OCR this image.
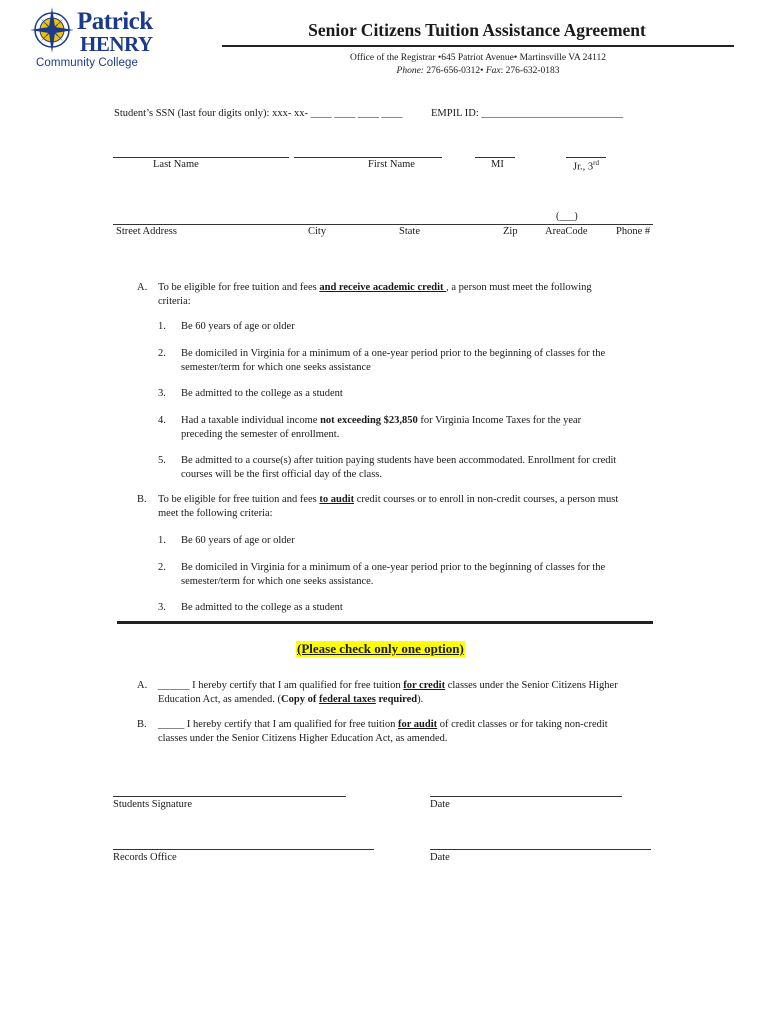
Patrick
HENRY
Community College
Senior Citizens Tuition Assistance Agreement
Office of the Registrar •645 Patriot Avenue• Martinsville VA 24112
Phone: 276-656-0312• Fax: 276-632-0183
Student’s SSN (last four digits only): xxx- xx- ____ ____ ____ ____	EMPIL ID: ___________________________
Last Name	First Name	MI	Jr., 3rd
(___)
Street Address	City	State	Zip	AreaCode	Phone #
A. To be eligible for free tuition and fees and receive academic credit , a person must meet the following
criteria:
1. Be 60 years of age or older
2. Be domiciled in Virginia for a minimum of a one-year period prior to the beginning of classes for the
semester/term for which one seeks assistance
3. Be admitted to the college as a student
4. Had a taxable individual income not exceeding $23,850 for Virginia Income Taxes for the year
preceding the semester of enrollment.
5. Be admitted to a course(s) after tuition paying students have been accommodated. Enrollment for credit
courses will be the first official day of the class.
B. To be eligible for free tuition and fees to audit credit courses or to enroll in non-credit courses, a person must
meet the following criteria:
1. Be 60 years of age or older
2. Be domiciled in Virginia for a minimum of a one-year period prior to the beginning of classes for the
semester/term for which one seeks assistance.
3. Be admitted to the college as a student
(Please check only one option)
A. ______ I hereby certify that I am qualified for free tuition for credit classes under the Senior Citizens Higher
Education Act, as amended. (Copy of federal taxes required).
B. _____ I hereby certify that I am qualified for free tuition for audit of credit classes or for taking non-credit
classes under the Senior Citizens Higher Education Act, as amended.
Students Signature	Date
Records Office	Date
